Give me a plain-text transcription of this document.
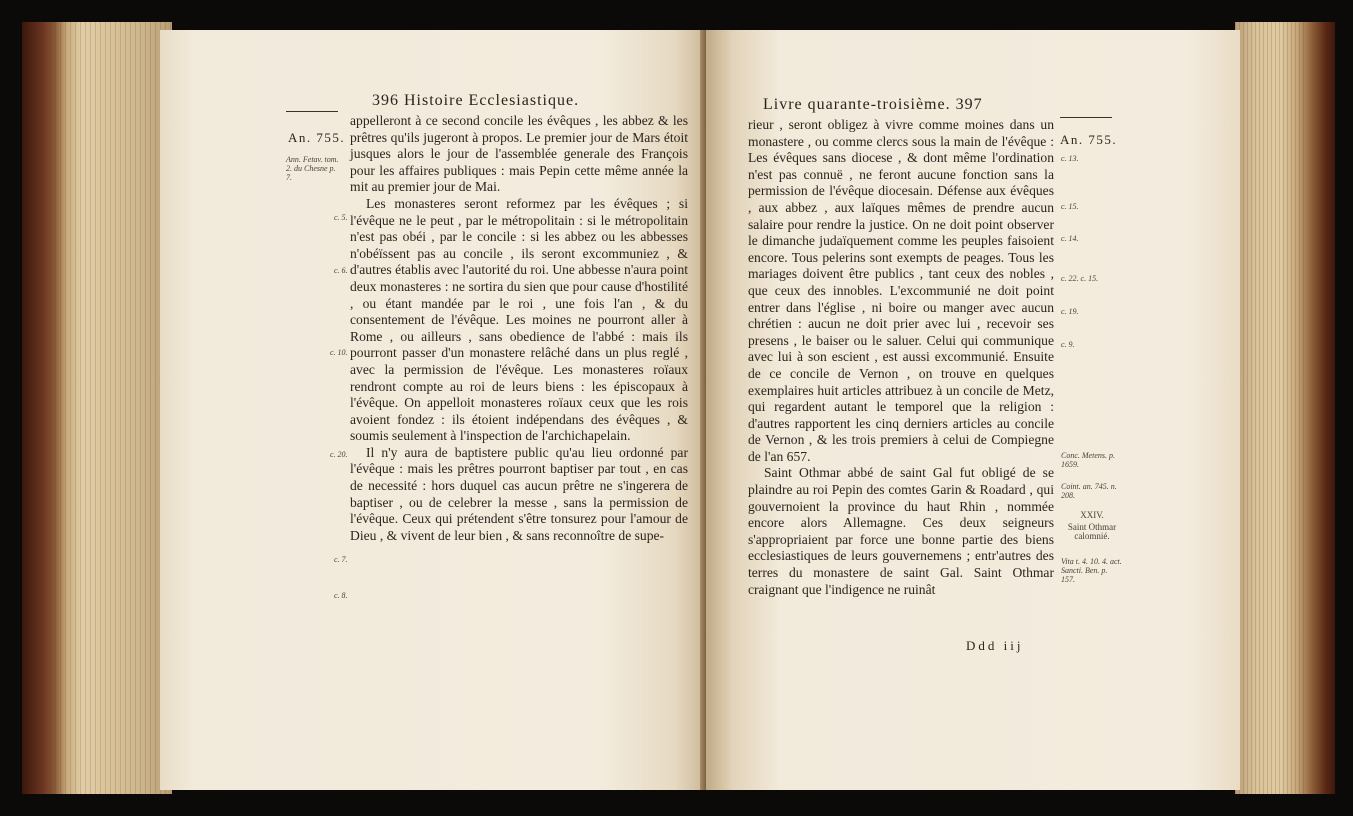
396 Histoire Ecclesiastique.
An. 755.
Ann. Fetav. tom. 2. du Chesne p. 7.
c. 5.
c. 6.
c. 10.
c. 20.
c. 7.
c. 8.

appelleront à ce second concile les évêques , les abbez & les prêtres qu'ils jugeront à propos. Le premier jour de Mars étoit jusques alors le jour de l'assemblée generale des François pour les affaires publiques : mais Pepin cette même année la mit au premier jour de Mai.

Les monasteres seront reformez par les évêques ; si l'évêque ne le peut , par le métropolitain : si le métropolitain n'est pas obéi , par le concile : si les abbez ou les abbesses n'obéïssent pas au concile , ils seront excommuniez , & d'autres établis avec l'autorité du roi. Une abbesse n'aura point deux monasteres : ne sortira du sien que pour cause d'hostilité , ou étant mandée par le roi , une fois l'an , & du consentement de l'évêque. Les moines ne pourront aller à Rome , ou ailleurs , sans obedience de l'abbé : mais ils pourront passer d'un monastere relâché dans un plus reglé , avec la permission de l'évêque. Les monasteres roïaux rendront compte au roi de leurs biens : les épiscopaux à l'évêque. On appelloit monasteres roïaux ceux que les rois avoient fondez : ils étoient indépendans des évêques , & soumis seulement à l'inspection de l'archichapelain.

Il n'y aura de baptistere public qu'au lieu ordonné par l'évêque : mais les prêtres pourront baptiser par tout , en cas de necessité : hors duquel cas aucun prêtre ne s'ingerera de baptiser , ou de celebrer la messe , sans la permission de l'évêque. Ceux qui prétendent s'être tonsurez pour l'amour de Dieu , & vivent de leur bien , & sans reconnoître de supe-

Livre quarante-troisième. 397
An. 755.

rieur , seront obligez à vivre comme moines dans un monastere , ou comme clercs sous la main de l'évêque : Les évêques sans diocese , & dont même l'ordination n'est pas connuë , ne feront aucune fonction sans la permission de l'évêque diocesain. Défense aux évêques , aux abbez , aux laïques mêmes de prendre aucun salaire pour rendre la justice. On ne doit point observer le dimanche judaïquement comme les peuples faisoient encore. Tous pelerins sont exempts de peages. Tous les mariages doivent être publics , tant ceux des nobles , que ceux des innobles. L'excommunié ne doit point entrer dans l'église , ni boire ou manger avec aucun chrétien : aucun ne doit prier avec lui , recevoir ses presens , le baiser ou le saluer. Celui qui communique avec lui à son escient , est aussi excommunié. Ensuite de ce concile de Vernon , on trouve en quelques exemplaires huit articles attribuez à un concile de Metz, qui regardent autant le temporel que la religion : d'autres rapportent les cinq derniers articles au concile de Vernon , & les trois premiers à celui de Compiegne de l'an 657.

Saint Othmar abbé de saint Gal fut obligé de se plaindre au roi Pepin des comtes Garin & Roadard , qui gouvernoient la province du haut Rhin , nommée encore alors Allemagne. Ces deux seigneurs s'appropriaient par force une bonne partie des biens ecclesiastiques de leurs gouvernemens ; entr'autres des terres du monastere de saint Gal. Saint Othmar craignant que l'indigence ne ruinât

Ddd iij
c. 13.
c. 15.
c. 14.
c. 22. c. 15.
c. 19.
c. 9.
Conc. Metens. p. 1659.
Coint. an. 745. n. 208.
XXIV.
Saint Othmar calomnié.
Vita t. 4. 10. 4. act. Sancti. Ben. p. 157.
